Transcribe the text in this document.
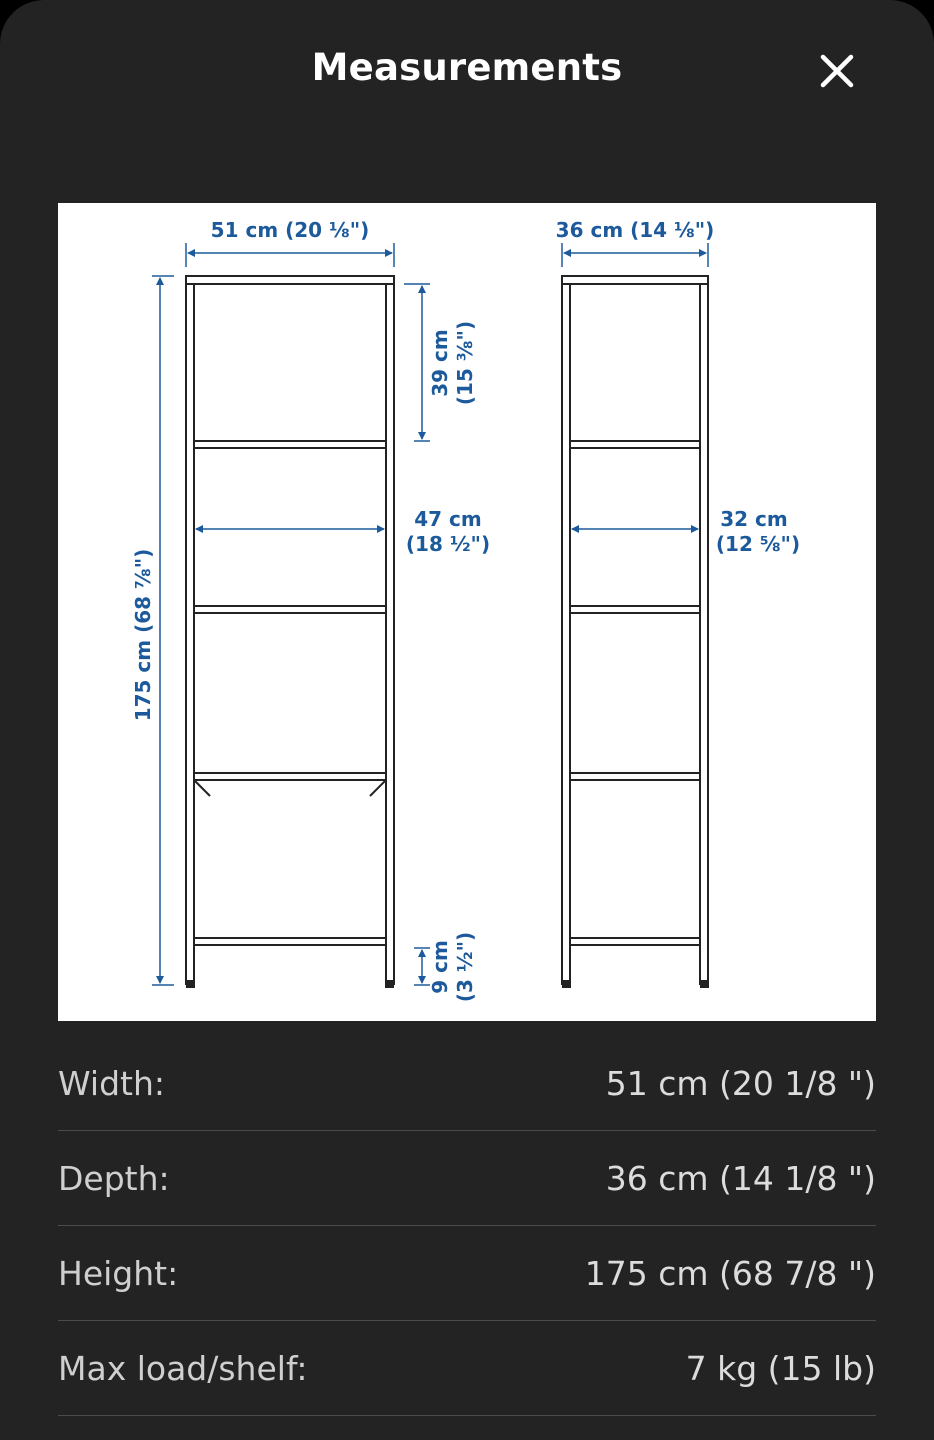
Measurements
51 cm (20 ⅛")
175 cm (68 ⅞")
39 cm (15 ⅜")
47 cm
(18 ½")
9 cm (3 ½")
36 cm (14 ⅛")
32 cm
(12 ⅝")
Width:	51 cm (20 1/8 ")
Depth:	36 cm (14 1/8 ")
Height:	175 cm (68 7/8 ")
Max load/shelf:	7 kg (15 lb)
